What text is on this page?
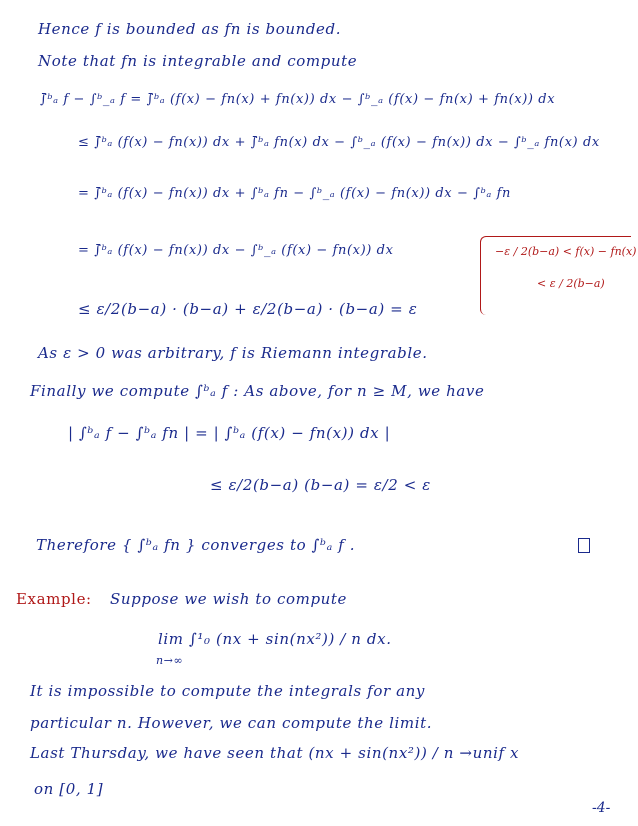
Hence f is bounded as fn is bounded.
Note that fn is integrable and compute
∫̄ᵇₐ f − ∫ᵇ_ₐ f = ∫̄ᵇₐ (f(x) − fn(x) + fn(x)) dx − ∫ᵇ_ₐ (f(x) − fn(x) + fn(x)) dx
≤ ∫̄ᵇₐ (f(x) − fn(x)) dx + ∫̄ᵇₐ fn(x) dx − ∫ᵇ_ₐ (f(x) − fn(x)) dx − ∫ᵇ_ₐ fn(x) dx
= ∫̄ᵇₐ (f(x) − fn(x)) dx + ∫ᵇₐ fn − ∫ᵇ_ₐ (f(x) − fn(x)) dx − ∫ᵇₐ fn
= ∫̄ᵇₐ (f(x) − fn(x)) dx − ∫ᵇ_ₐ (f(x) − fn(x)) dx
≤ ε/2(b−a) · (b−a) + ε/2(b−a) · (b−a) = ε
As ε > 0 was arbitrary, f is Riemann integrable.
Finally we compute ∫ᵇₐ f : As above, for n ≥ M, we have
| ∫ᵇₐ f − ∫ᵇₐ fn | = | ∫ᵇₐ (f(x) − fn(x)) dx |
≤ ε/2(b−a) (b−a) = ε/2 < ε
Therefore { ∫ᵇₐ fn } converges to ∫ᵇₐ f .
Suppose we wish to compute
lim ∫¹₀ (nx + sin(nx²)) / n dx.
n→∞
It is impossible to compute the integrals for any
particular n. However, we can compute the limit.
Last Thursday, we have seen that (nx + sin(nx²)) / n →unif x
on [0, 1]
Example:
−ε / 2(b−a) < f(x) − fn(x)
< ε / 2(b−a)
-4-
